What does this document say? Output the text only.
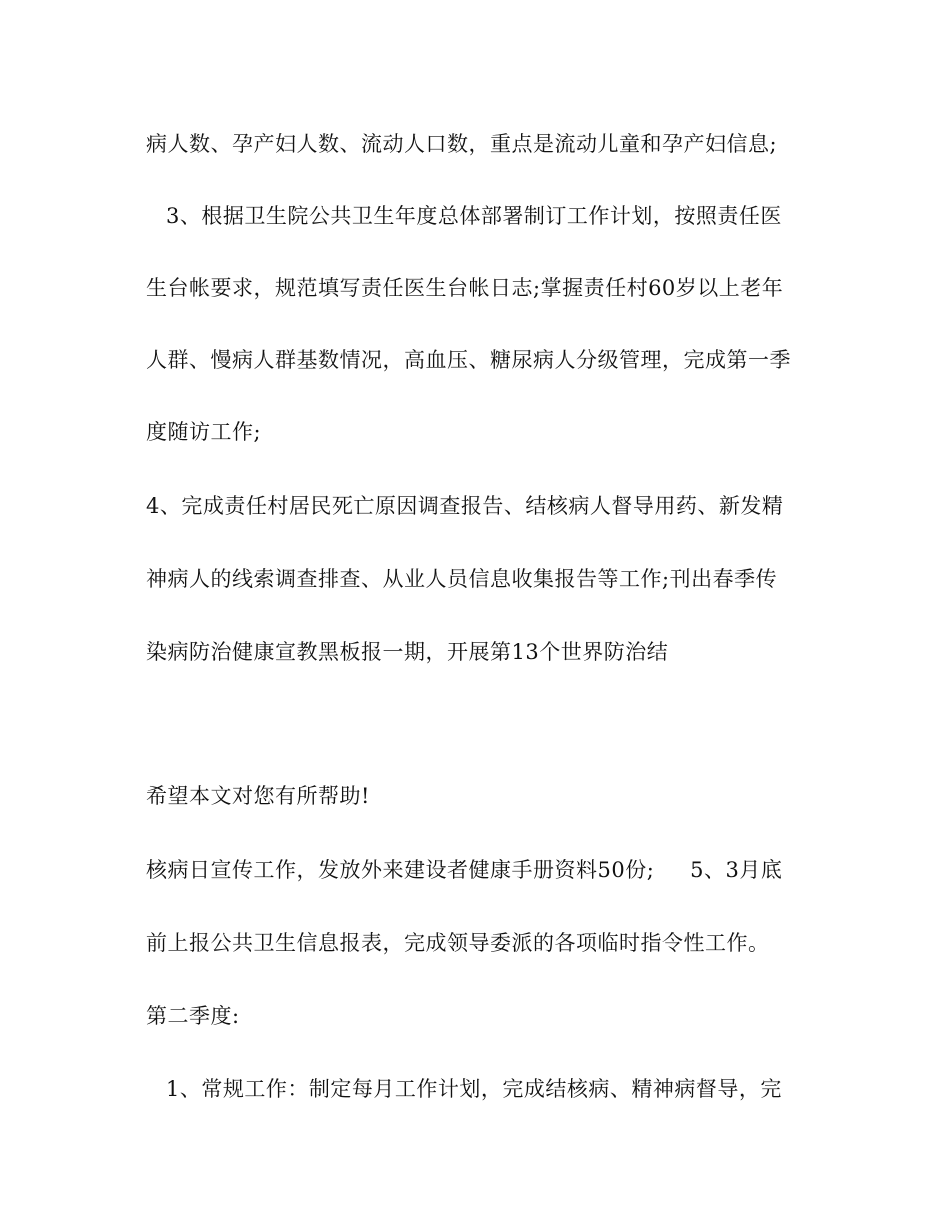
病人数、孕产妇人数、流动人口数，重点是流动儿童和孕产妇信息;
3、根据卫生院公共卫生年度总体部署制订工作计划，按照责任医
生台帐要求，规范填写责任医生台帐日志;掌握责任村60岁以上老年
人群、慢病人群基数情况，高血压、糖尿病人分级管理，完成第一季
度随访工作;
4、完成责任村居民死亡原因调查报告、结核病人督导用药、新发精
神病人的线索调查排查、从业人员信息收集报告等工作;刊出春季传
染病防治健康宣教黑板报一期，开展第13个世界防治结
希望本文对您有所帮助!
核病日宣传工作，发放外来建设者健康手册资料50份;     5、3月底
前上报公共卫生信息报表，完成领导委派的各项临时指令性工作。
第二季度:
1、常规工作：制定每月工作计划，完成结核病、精神病督导，完
